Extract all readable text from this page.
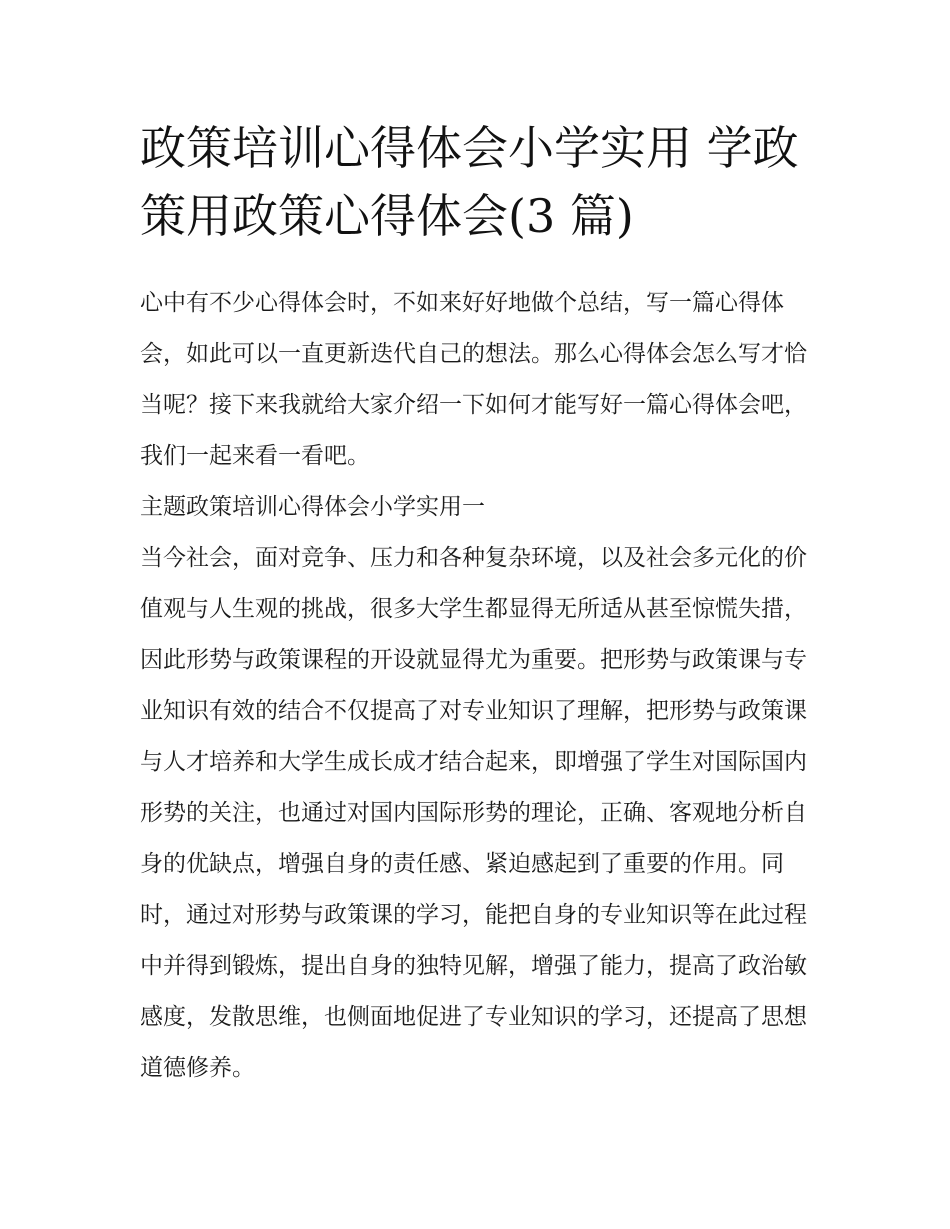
政策培训心得体会小学实用 学政策用政策心得体会(3 篇)

心中有不少心得体会时，不如来好好地做个总结，写一篇心得体会，如此可以一直更新迭代自己的想法。那么心得体会怎么写才恰当呢？接下来我就给大家介绍一下如何才能写好一篇心得体会吧，我们一起来看一看吧。

主题政策培训心得体会小学实用一

当今社会，面对竞争、压力和各种复杂环境，以及社会多元化的价值观与人生观的挑战，很多大学生都显得无所适从甚至惊慌失措，因此形势与政策课程的开设就显得尤为重要。把形势与政策课与专业知识有效的结合不仅提高了对专业知识了理解，把形势与政策课与人才培养和大学生成长成才结合起来，即增强了学生对国际国内形势的关注，也通过对国内国际形势的理论，正确、客观地分析自身的优缺点，增强自身的责任感、紧迫感起到了重要的作用。同时，通过对形势与政策课的学习，能把自身的专业知识等在此过程中并得到锻炼，提出自身的独特见解，增强了能力，提高了政治敏感度，发散思维，也侧面地促进了专业知识的学习，还提高了思想道德修养。
